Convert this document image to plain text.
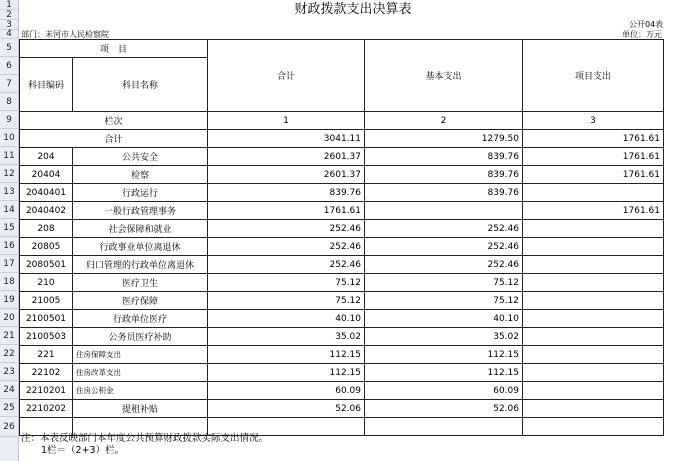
1
2
3
4
5
6
7
8
9
10
11
12
13
14
15
16
17
18
19
20
21
22
23
24
25
26
财政拨款支出决算表
公开04表
部门：未河市人民检察院	单位：万元
项　目		合计	基本支出	项目支出
科目编码	科目名称			

栏次		1	2	3
合计		3041.11	1279.50	1761.61
204	公共安全	2601.37	839.76	1761.61
20404	检察	2601.37	839.76	1761.61
2040401	行政运行	839.76	839.76	
2040402	一般行政管理事务	1761.61		1761.61
208	社会保障和就业	252.46	252.46	
20805	行政事业单位离退休	252.46	252.46	
2080501	归口管理的行政单位离退休	252.46	252.46	
210	医疗卫生	75.12	75.12	
21005	医疗保障	75.12	75.12	
2100501	行政单位医疗	40.10	40.10	
2100503	公务员医疗补助	35.02	35.02	
221	住房保障支出	112.15	112.15	
22102	住房改革支出	112.15	112.15	
2210201	住房公积金	60.09	60.09	
2210202	提租补贴	52.06	52.06	

注：本表反映部门本年度公共预算财政拨款实际支出情况。
1栏＝（2+3）栏。
